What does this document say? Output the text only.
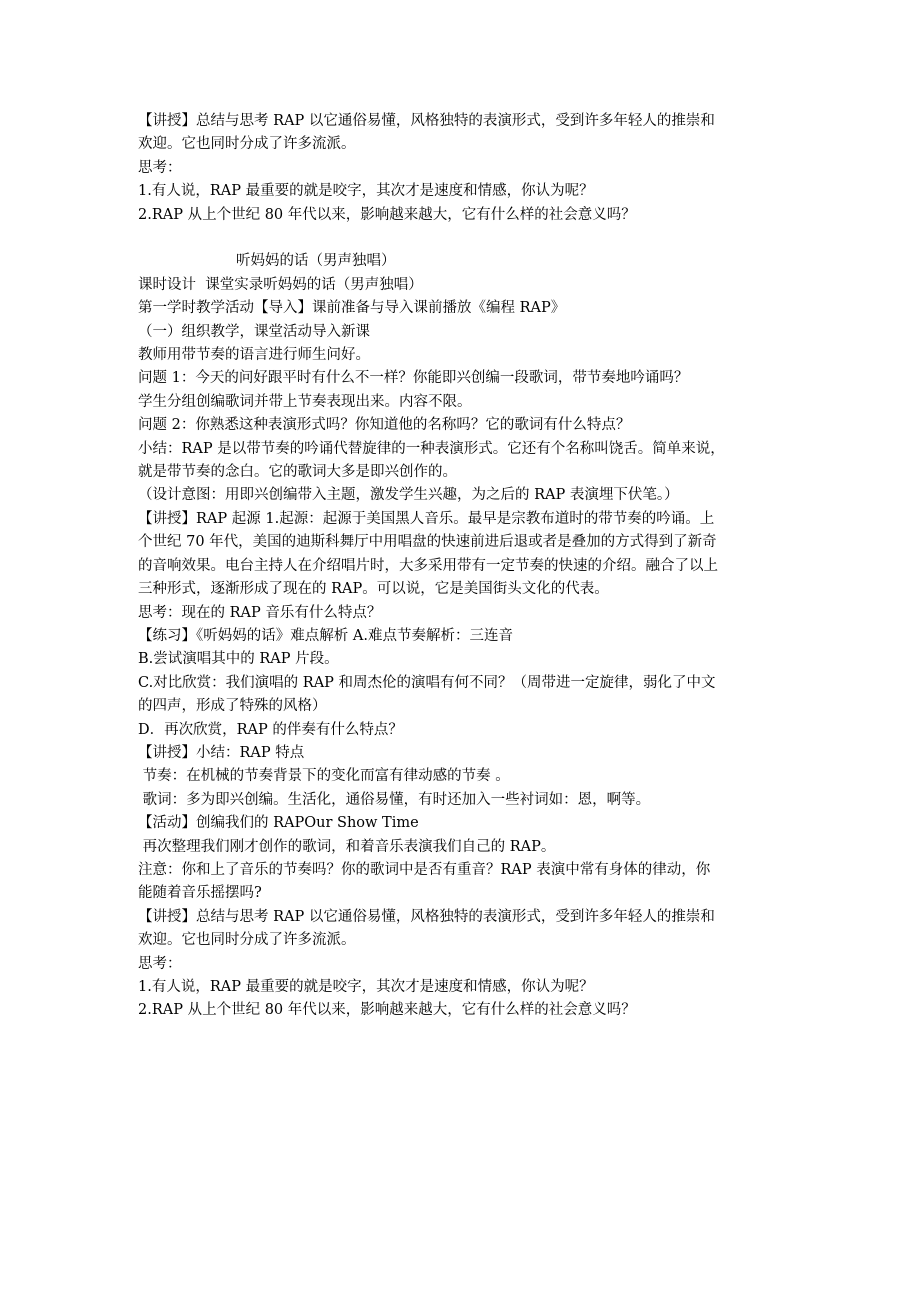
【讲授】总结与思考 RAP 以它通俗易懂，风格独特的表演形式，受到许多年轻人的推崇和
欢迎。它也同时分成了许多流派。
思考：
1.有人说，RAP 最重要的就是咬字，其次才是速度和情感，你认为呢？
2.RAP 从上个世纪 80 年代以来，影响越来越大，它有什么样的社会意义吗？
听妈妈的话（男声独唱）
课时设计  课堂实录听妈妈的话（男声独唱）
第一学时教学活动【导入】课前准备与导入课前播放《编程 RAP》
（一）组织教学，课堂活动导入新课
教师用带节奏的语言进行师生问好。
问题 1：今天的问好跟平时有什么不一样？你能即兴创编一段歌词，带节奏地吟诵吗？
学生分组创编歌词并带上节奏表现出来。内容不限。
问题 2：你熟悉这种表演形式吗？你知道他的名称吗？它的歌词有什么特点？
小结：RAP 是以带节奏的吟诵代替旋律的一种表演形式。它还有个名称叫饶舌。简单来说，
就是带节奏的念白。它的歌词大多是即兴创作的。
（设计意图：用即兴创编带入主题，激发学生兴趣，为之后的 RAP 表演埋下伏笔。）
【讲授】RAP 起源 1.起源：起源于美国黑人音乐。最早是宗教布道时的带节奏的吟诵。上
个世纪 70 年代，美国的迪斯科舞厅中用唱盘的快速前进后退或者是叠加的方式得到了新奇
的音响效果。电台主持人在介绍唱片时，大多采用带有一定节奏的快速的介绍。融合了以上
三种形式，逐渐形成了现在的 RAP。可以说，它是美国街头文化的代表。
思考：现在的 RAP 音乐有什么特点？
【练习】《听妈妈的话》难点解析 A.难点节奏解析：三连音
B.尝试演唱其中的 RAP 片段。
C.对比欣赏：我们演唱的 RAP 和周杰伦的演唱有何不同？（周带进一定旋律，弱化了中文
的四声，形成了特殊的风格）
D．再次欣赏，RAP 的伴奏有什么特点？
【讲授】小结：RAP 特点
节奏：在机械的节奏背景下的变化而富有律动感的节奏 。
歌词：多为即兴创编。生活化，通俗易懂，有时还加入一些衬词如：恩，啊等。
【活动】创编我们的 RAPOur Show Time
再次整理我们刚才创作的歌词，和着音乐表演我们自己的 RAP。
注意：你和上了音乐的节奏吗？你的歌词中是否有重音？RAP 表演中常有身体的律动，你
能随着音乐摇摆吗?
【讲授】总结与思考 RAP 以它通俗易懂，风格独特的表演形式，受到许多年轻人的推崇和
欢迎。它也同时分成了许多流派。
思考：
1.有人说，RAP 最重要的就是咬字，其次才是速度和情感，你认为呢？
2.RAP 从上个世纪 80 年代以来，影响越来越大，它有什么样的社会意义吗？
